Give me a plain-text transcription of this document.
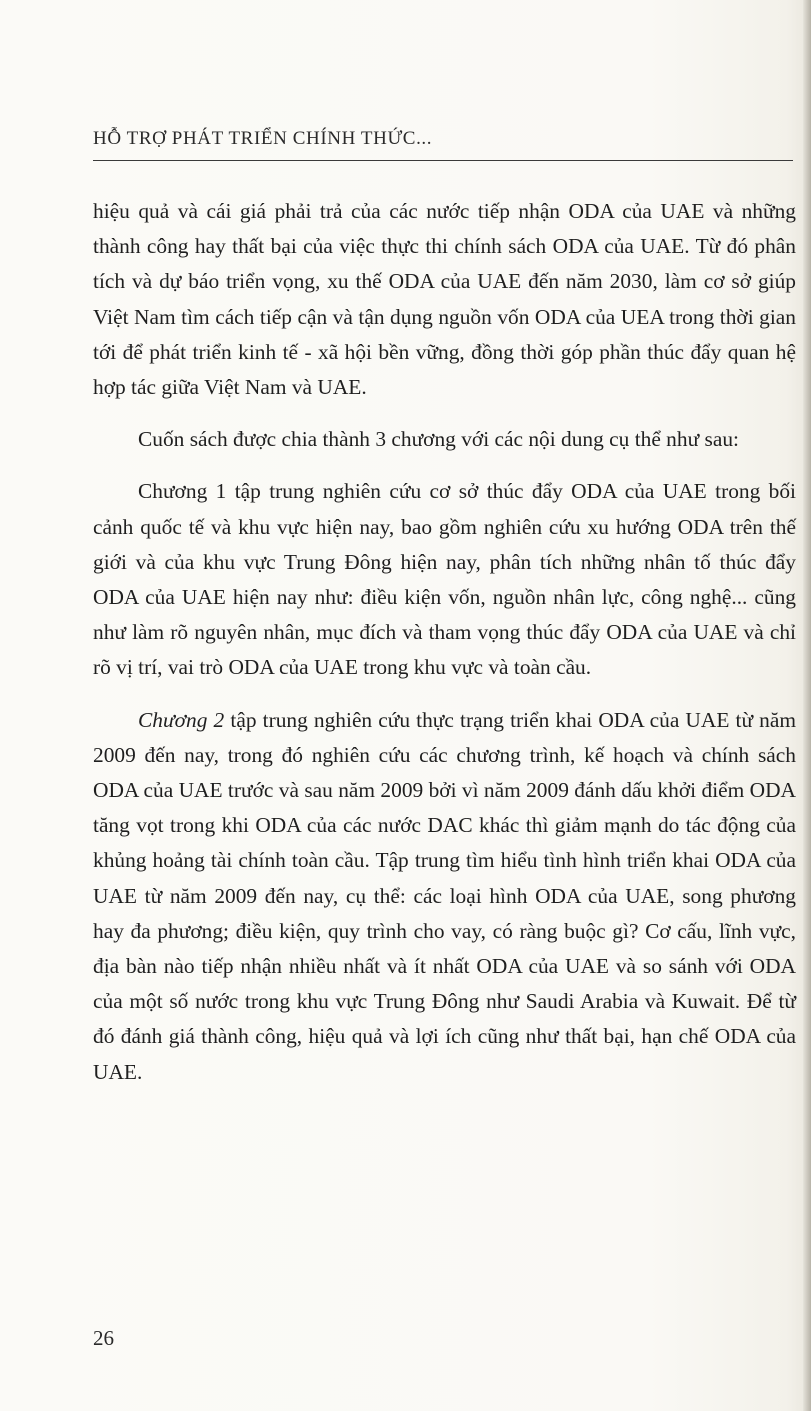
HỖ TRỢ PHÁT TRIỂN CHÍNH THỨC...

hiệu quả và cái giá phải trả của các nước tiếp nhận ODA của UAE và những thành công hay thất bại của việc thực thi chính sách ODA của UAE. Từ đó phân tích và dự báo triển vọng, xu thế ODA của UAE đến năm 2030, làm cơ sở giúp Việt Nam tìm cách tiếp cận và tận dụng nguồn vốn ODA của UEA trong thời gian tới để phát triển kinh tế - xã hội bền vững, đồng thời góp phần thúc đẩy quan hệ hợp tác giữa Việt Nam và UAE.

Cuốn sách được chia thành 3 chương với các nội dung cụ thể như sau:

Chương 1 tập trung nghiên cứu cơ sở thúc đẩy ODA của UAE trong bối cảnh quốc tế và khu vực hiện nay, bao gồm nghiên cứu xu hướng ODA trên thế giới và của khu vực Trung Đông hiện nay, phân tích những nhân tố thúc đẩy ODA của UAE hiện nay như: điều kiện vốn, nguồn nhân lực, công nghệ... cũng như làm rõ nguyên nhân, mục đích và tham vọng thúc đẩy ODA của UAE và chỉ rõ vị trí, vai trò ODA của UAE trong khu vực và toàn cầu.

Chương 2 tập trung nghiên cứu thực trạng triển khai ODA của UAE từ năm 2009 đến nay, trong đó nghiên cứu các chương trình, kế hoạch và chính sách ODA của UAE trước và sau năm 2009 bởi vì năm 2009 đánh dấu khởi điểm ODA tăng vọt trong khi ODA của các nước DAC khác thì giảm mạnh do tác động của khủng hoảng tài chính toàn cầu. Tập trung tìm hiểu tình hình triển khai ODA của UAE từ năm 2009 đến nay, cụ thể: các loại hình ODA của UAE, song phương hay đa phương; điều kiện, quy trình cho vay, có ràng buộc gì? Cơ cấu, lĩnh vực, địa bàn nào tiếp nhận nhiều nhất và ít nhất ODA của UAE và so sánh với ODA của một số nước trong khu vực Trung Đông như Saudi Arabia và Kuwait. Để từ đó đánh giá thành công, hiệu quả và lợi ích cũng như thất bại, hạn chế ODA của UAE.

26
